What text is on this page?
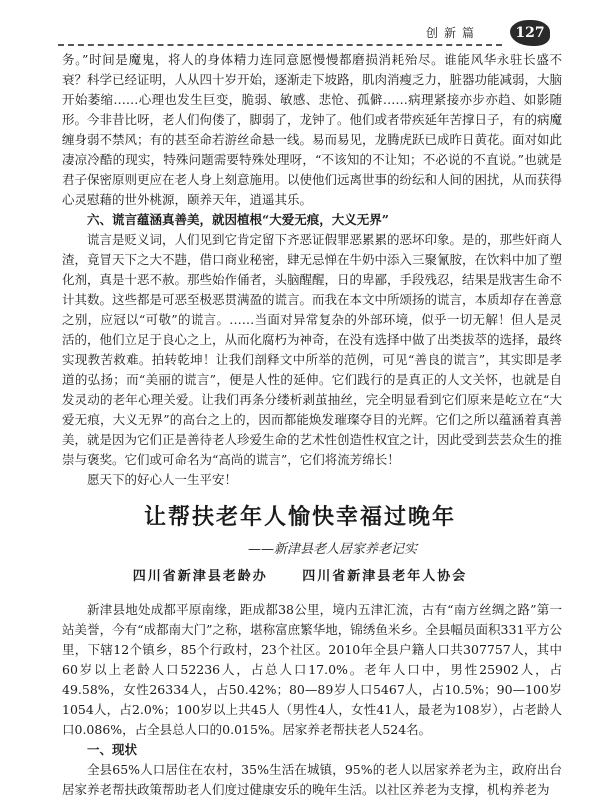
创新篇	127

务。”时间是魔鬼，将人的身体精力连同意愿慢慢都磨损消耗殆尽。谁能风华永驻长盛不衰？科学已经证明，人从四十岁开始，逐渐走下坡路，肌肉消瘦乏力，脏器功能减弱，大脑开始萎缩……心理也发生巨变，脆弱、敏感、悲怆、孤僻……病理紧接亦步亦趋、如影随形。今非昔比呀，老人们佝偻了，脚弱了，龙钟了。他们或者带疾延年苦撑日子，有的病魔缠身弱不禁风；有的甚至命若游丝命悬一线。易而易见，龙腾虎跃已成昨日黄花。面对如此凄凉冷酷的现实，特殊问题需要特殊处理呀，“不该知的不让知；不必说的不直说。”也就是君子保密原则更应在老人身上刻意施用。以使他们远离世事的纷纭和人间的困扰，从而获得心灵慰藉的世外桃源，颐养天年，逍遥其乐。

六、谎言蕴涵真善美，就因植根“大爱无痕，大义无界”

谎言是贬义词，人们见到它肯定留下齐恶证假罪恶累累的恶坏印象。是的，那些奸商人渣，竟冒天下之大不韪，借口商业秘密，肆无忌惮在牛奶中添入三聚氰胺，在饮料中加了塑化剂，真是十恶不赦。那些始作俑者，头脑醒醒，日的卑鄙，手段残忍，结果是戕害生命不计其数。这些都是可恶至极恶贯满盈的谎言。而我在本文中所颂扬的谎言，本质却存在善意之别，应冠以“可敬”的谎言。……当面对异常复杂的外部环境，似乎一切无解！但人是灵活的，他们立足于良心之上，从而化腐朽为神奇，在没有选择中做了出类拔萃的选择，最终实现教苦救难。拍转乾坤！让我们剖释文中所举的范例，可见“善良的谎言”，其实即是孝道的弘扬；而“美丽的谎言”，便是人性的延伸。它们践行的是真正的人文关怀，也就是自发灵动的老年心理关爱。让我们再条分缕析剥茧抽丝，完全明显看到它们原来是屹立在“大爱无痕，大义无界”的高台之上的，因而都能焕发璀璨夺目的光辉。它们之所以蕴涵着真善美，就是因为它们正是善待老人珍爱生命的艺术性创造性权宜之计，因此受到芸芸众生的推崇与褒奖。它们或可命名为“高尚的谎言”，它们将流芳绵长！

愿天下的好心人一生平安！

让帮扶老年人愉快幸福过晚年
——新津县老人居家养老记实
四川省新津县老龄办	四川省新津县老年人协会

新津县地处成都平原南缘，距成都38公里，境内五津汇流，古有“南方丝绸之路”第一站美誉，今有“成都南大门”之称，堪称富庶繁华地，锦绣鱼米乡。全县幅员面积331平方公里，下辖12个镇乡，85个行政村，23个社区。2010年全县户籍人口共307757人，其中60岁以上老龄人口52236人，占总人口17.0%。老年人口中，男性25902人，占49.58%，女性26334人，占50.42%；80—89岁人口5467人，占10.5%；90—100岁1054人，占2.0%；100岁以上共45人（男性4人，女性41人，最老为108岁），占老龄人口0.086%，占全县总人口的0.015%。居家养老帮扶老人524名。

一、现状

全县65%人口居住在农村，35%生活在城镇，95%的老人以居家养老为主，政府出台居家养老帮扶政策帮助老人们度过健康安乐的晚年生活。以社区养老为支撑，机构养老为
